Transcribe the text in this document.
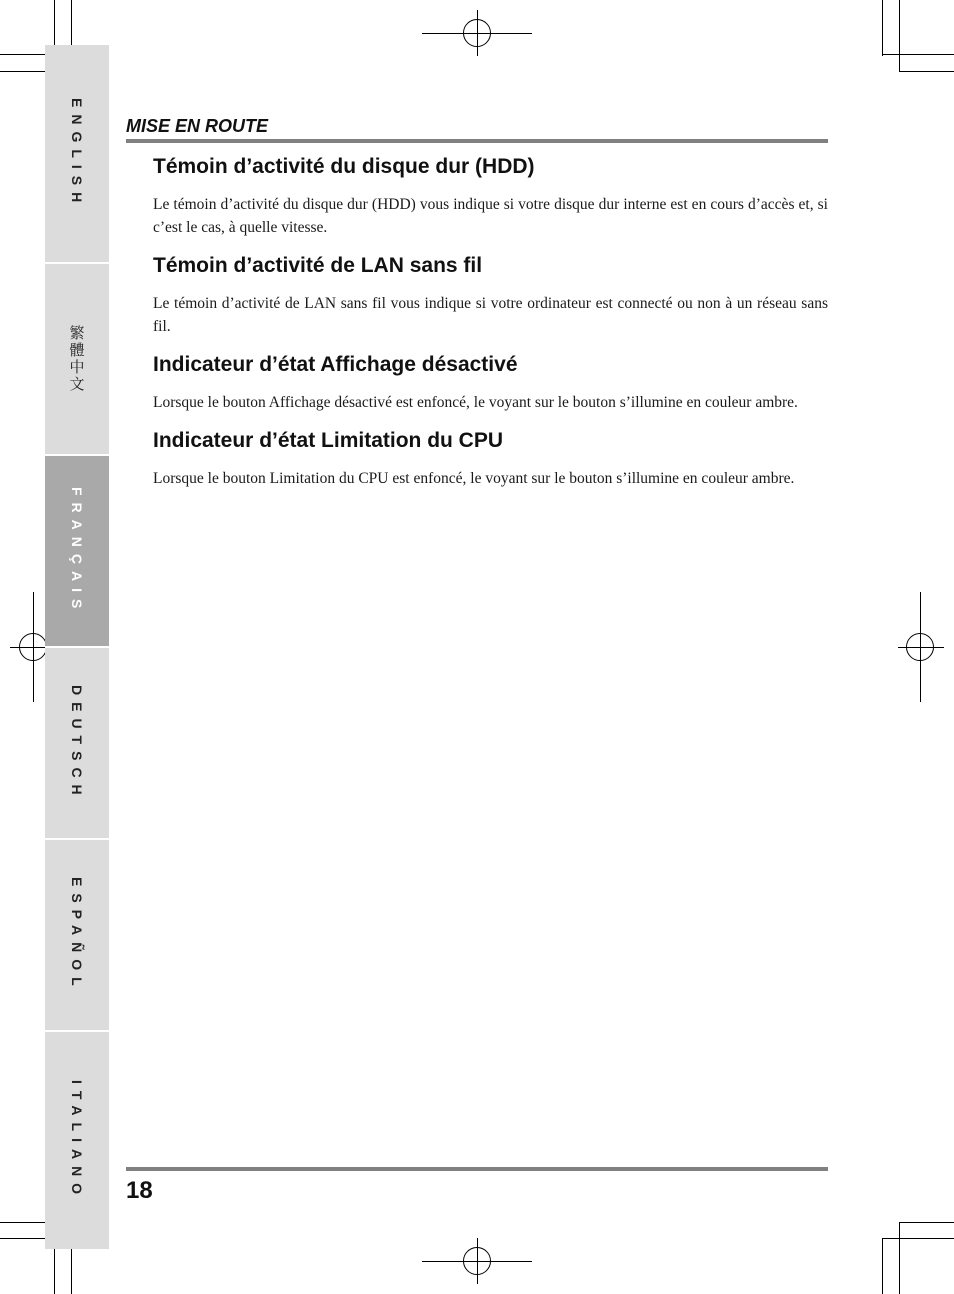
ENGLISH
繁體中文
FRANÇAIS
DEUTSCH
ESPAÑOL
ITALIANO
MISE EN ROUTE
Témoin d’activité du disque dur (HDD)

Le témoin d’activité du disque dur (HDD) vous indique si votre disque dur interne est en cours d’accès et, si c’est le cas, à quelle vitesse.

Témoin d’activité de LAN sans fil

Le témoin d’activité de LAN sans fil vous indique si votre ordinateur est connecté ou non à un réseau sans fil.

Indicateur d’état Affichage désactivé

Lorsque le bouton Affichage désactivé est enfoncé, le voyant sur le bouton s’illumine en couleur ambre.

Indicateur d’état Limitation du CPU

Lorsque le bouton Limitation du CPU est enfoncé, le voyant sur le bouton s’illumine en couleur ambre.

18
